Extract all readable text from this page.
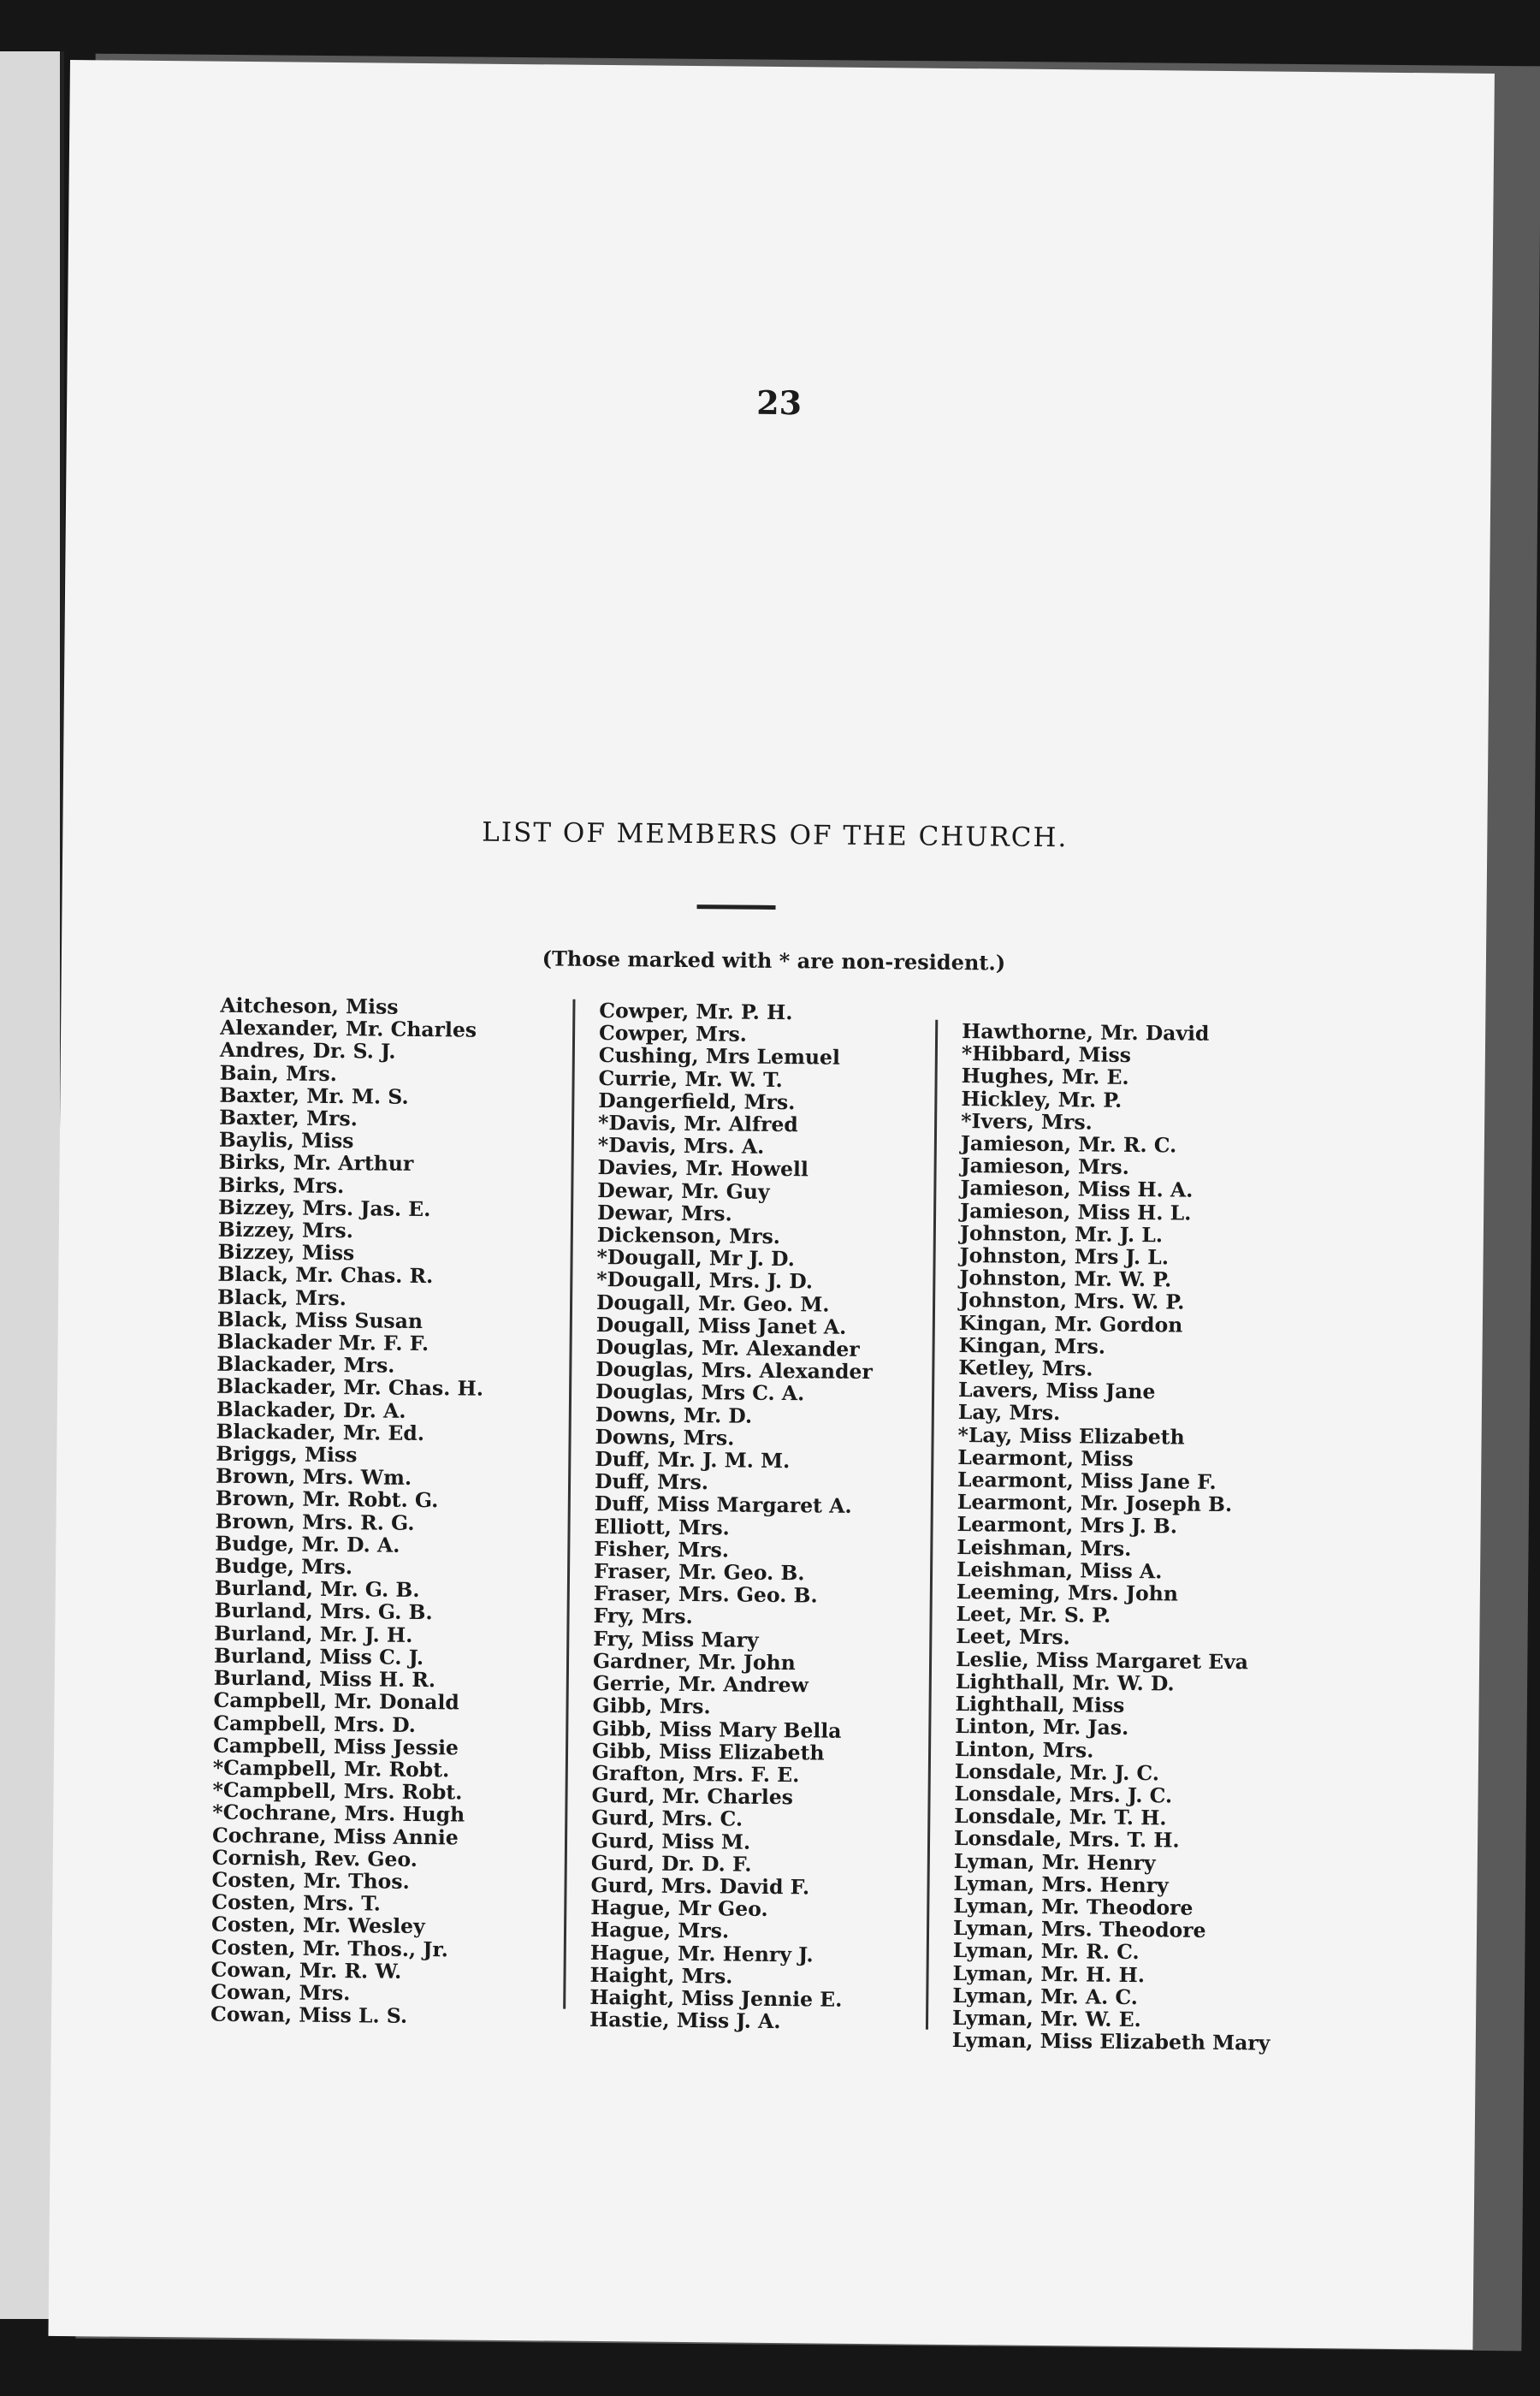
23
LIST OF MEMBERS OF THE CHURCH.
(Those marked with * are non-resident.)
Aitcheson, Miss
Alexander, Mr. Charles
Andres, Dr. S. J.
Bain, Mrs.
Baxter, Mr. M. S.
Baxter, Mrs.
Baylis, Miss
Birks, Mr. Arthur
Birks, Mrs.
Bizzey, Mrs. Jas. E.
Bizzey, Mrs.
Bizzey, Miss
Black, Mr. Chas. R.
Black, Mrs.
Black, Miss Susan
Blackader Mr. F. F.
Blackader, Mrs.
Blackader, Mr. Chas. H.
Blackader, Dr. A.
Blackader, Mr. Ed.
Briggs, Miss
Brown, Mrs. Wm.
Brown, Mr. Robt. G.
Brown, Mrs. R. G.
Budge, Mr. D. A.
Budge, Mrs.
Burland, Mr. G. B.
Burland, Mrs. G. B.
Burland, Mr. J. H.
Burland, Miss C. J.
Burland, Miss H. R.
Campbell, Mr. Donald
Campbell, Mrs. D.
Campbell, Miss Jessie
*Campbell, Mr. Robt.
*Campbell, Mrs. Robt.
*Cochrane, Mrs. Hugh
Cochrane, Miss Annie
Cornish, Rev. Geo.
Costen, Mr. Thos.
Costen, Mrs. T.
Costen, Mr. Wesley
Costen, Mr. Thos., Jr.
Cowan, Mr. R. W.
Cowan, Mrs.
Cowan, Miss L. S.
Cowper, Mr. P. H.
Cowper, Mrs.
Cushing, Mrs Lemuel
Currie, Mr. W. T.
Dangerfield, Mrs.
*Davis, Mr. Alfred
*Davis, Mrs. A.
Davies, Mr. Howell
Dewar, Mr. Guy
Dewar, Mrs.
Dickenson, Mrs.
*Dougall, Mr J. D.
*Dougall, Mrs. J. D.
Dougall, Mr. Geo. M.
Dougall, Miss Janet A.
Douglas, Mr. Alexander
Douglas, Mrs. Alexander
Douglas, Mrs C. A.
Downs, Mr. D.
Downs, Mrs.
Duff, Mr. J. M. M.
Duff, Mrs.
Duff, Miss Margaret A.
Elliott, Mrs.
Fisher, Mrs.
Fraser, Mr. Geo. B.
Fraser, Mrs. Geo. B.
Fry, Mrs.
Fry, Miss Mary
Gardner, Mr. John
Gerrie, Mr. Andrew
Gibb, Mrs.
Gibb, Miss Mary Bella
Gibb, Miss Elizabeth
Grafton, Mrs. F. E.
Gurd, Mr. Charles
Gurd, Mrs. C.
Gurd, Miss M.
Gurd, Dr. D. F.
Gurd, Mrs. David F.
Hague, Mr Geo.
Hague, Mrs.
Hague, Mr. Henry J.
Haight, Mrs.
Haight, Miss Jennie E.
Hastie, Miss J. A.
Hawthorne, Mr. David
*Hibbard, Miss
Hughes, Mr. E.
Hickley, Mr. P.
*Ivers, Mrs.
Jamieson, Mr. R. C.
Jamieson, Mrs.
Jamieson, Miss H. A.
Jamieson, Miss H. L.
Johnston, Mr. J. L.
Johnston, Mrs J. L.
Johnston, Mr. W. P.
Johnston, Mrs. W. P.
Kingan, Mr. Gordon
Kingan, Mrs.
Ketley, Mrs.
Lavers, Miss Jane
Lay, Mrs.
*Lay, Miss Elizabeth
Learmont, Miss
Learmont, Miss Jane F.
Learmont, Mr. Joseph B.
Learmont, Mrs J. B.
Leishman, Mrs.
Leishman, Miss A.
Leeming, Mrs. John
Leet, Mr. S. P.
Leet, Mrs.
Leslie, Miss Margaret Eva
Lighthall, Mr. W. D.
Lighthall, Miss
Linton, Mr. Jas.
Linton, Mrs.
Lonsdale, Mr. J. C.
Lonsdale, Mrs. J. C.
Lonsdale, Mr. T. H.
Lonsdale, Mrs. T. H.
Lyman, Mr. Henry
Lyman, Mrs. Henry
Lyman, Mr. Theodore
Lyman, Mrs. Theodore
Lyman, Mr. R. C.
Lyman, Mr. H. H.
Lyman, Mr. A. C.
Lyman, Mr. W. E.
Lyman, Miss Elizabeth Mary
